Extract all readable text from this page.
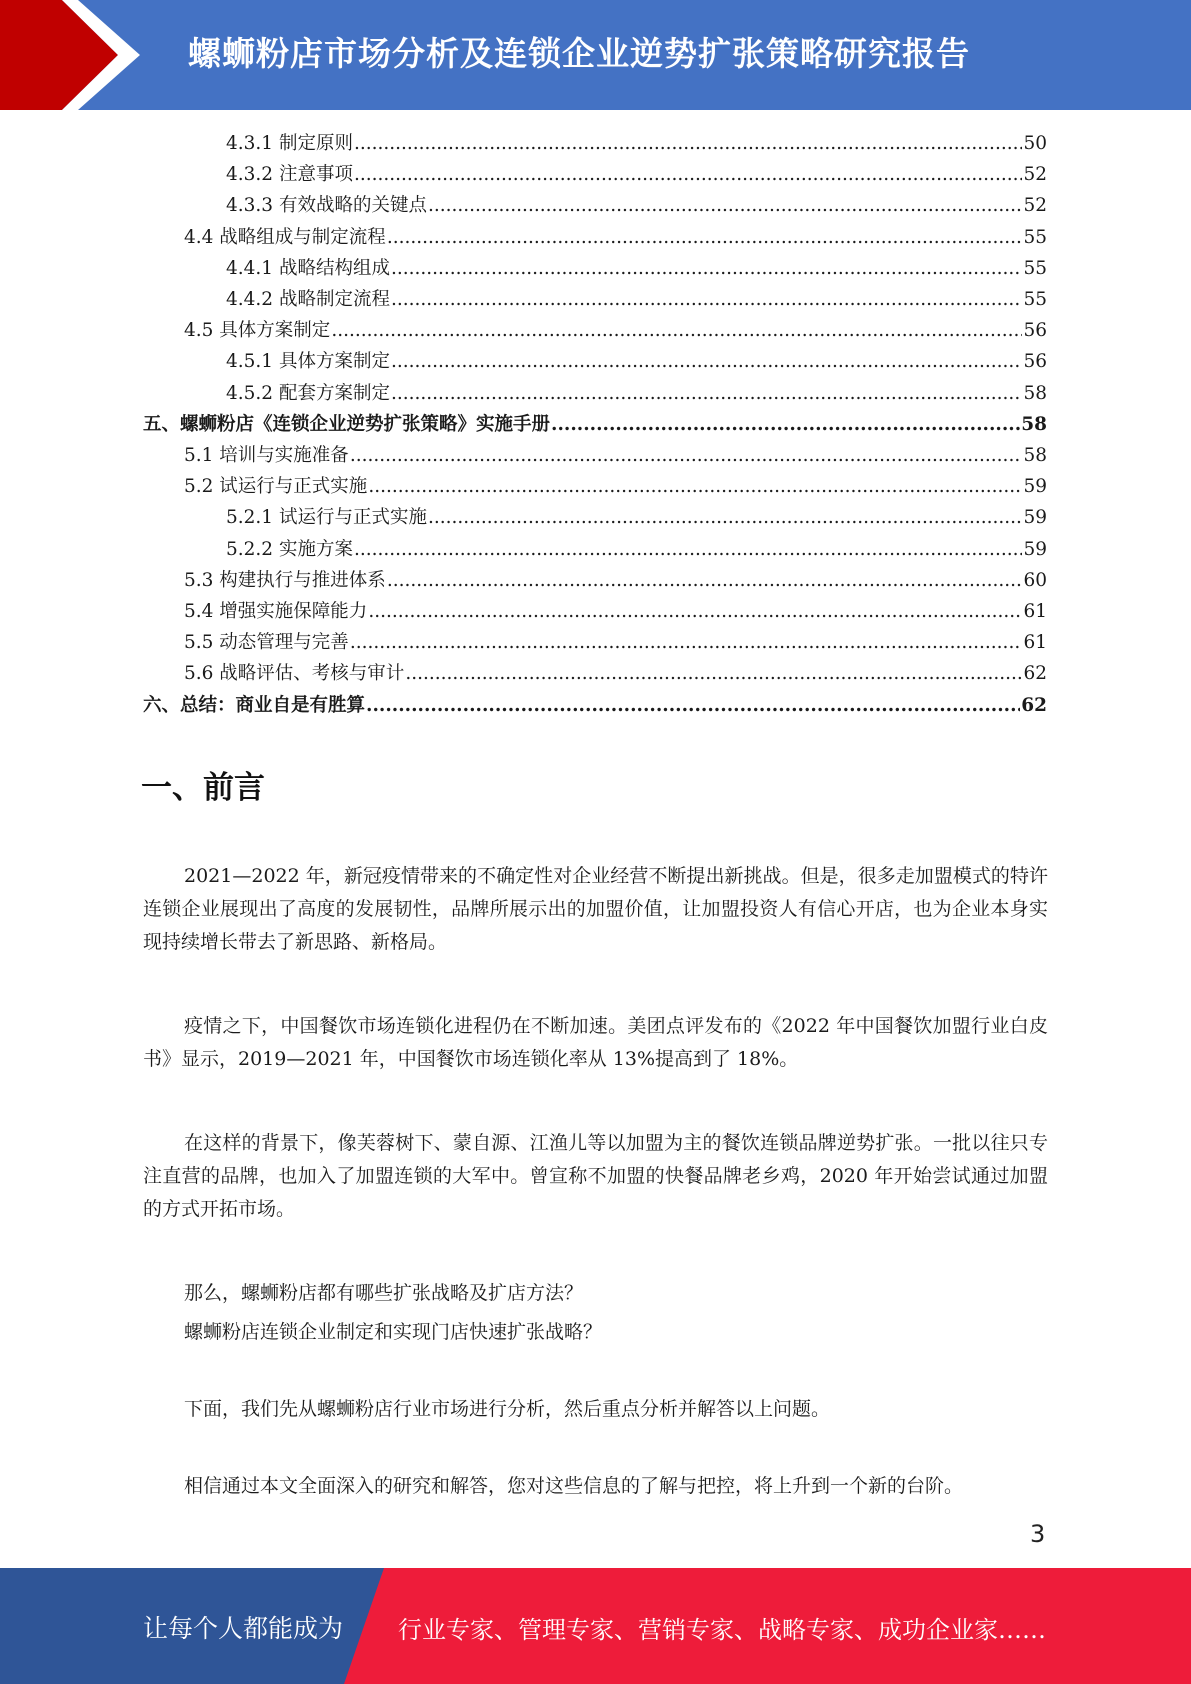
螺蛳粉店市场分析及连锁企业逆势扩张策略研究报告
4.3.1 制定原则 .....	50
4.3.2 注意事项 .....	52
4.3.3 有效战略的关键点 .....	52
4.4 战略组成与制定流程 .....	55
4.4.1 战略结构组成 .....	55
4.4.2 战略制定流程 .....	55
4.5 具体方案制定 .....	56
4.5.1 具体方案制定 .....	56
4.5.2 配套方案制定 .....	58
五、螺蛳粉店《连锁企业逆势扩张策略》实施手册 .....	58
5.1 培训与实施准备 .....	58
5.2 试运行与正式实施 .....	59
5.2.1 试运行与正式实施 .....	59
5.2.2 实施方案 .....	59
5.3 构建执行与推进体系 .....	60
5.4 增强实施保障能力 .....	61
5.5 动态管理与完善 .....	61
5.6 战略评估、考核与审计 .....	62
六、总结：商业自是有胜算 .....	62
一、前言
2021—2022 年，新冠疫情带来的不确定性对企业经营不断提出新挑战。但是，很多走加盟模式的特许连锁企业展现出了高度的发展韧性，品牌所展示出的加盟价值，让加盟投资人有信心开店，也为企业本身实现持续增长带去了新思路、新格局。
疫情之下，中国餐饮市场连锁化进程仍在不断加速。美团点评发布的《2022 年中国餐饮加盟行业白皮书》显示，2019—2021 年，中国餐饮市场连锁化率从 13%提高到了 18%。
在这样的背景下，像芙蓉树下、蒙自源、江渔儿等以加盟为主的餐饮连锁品牌逆势扩张。一批以往只专注直营的品牌，也加入了加盟连锁的大军中。曾宣称不加盟的快餐品牌老乡鸡，2020 年开始尝试通过加盟的方式开拓市场。
那么，螺蛳粉店都有哪些扩张战略及扩店方法？
螺蛳粉店连锁企业制定和实现门店快速扩张战略？
下面，我们先从螺蛳粉店行业市场进行分析，然后重点分析并解答以上问题。
相信通过本文全面深入的研究和解答，您对这些信息的了解与把控，将上升到一个新的台阶。
3
让每个人都能成为 行业专家、管理专家、营销专家、战略专家、成功企业家……
